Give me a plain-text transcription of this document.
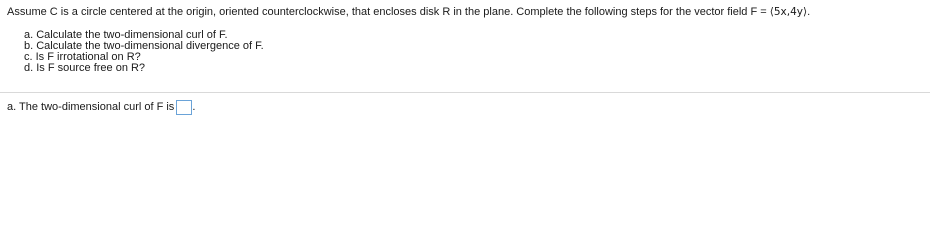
Assume C is a circle centered at the origin, oriented counterclockwise, that encloses disk R in the plane. Complete the following steps for the vector field F = ⟨5x,4y⟩.
a. Calculate the two-dimensional curl of F.
b. Calculate the two-dimensional divergence of F.
c. Is F irrotational on R?
d. Is F source free on R?
a. The two-dimensional curl of F is .
